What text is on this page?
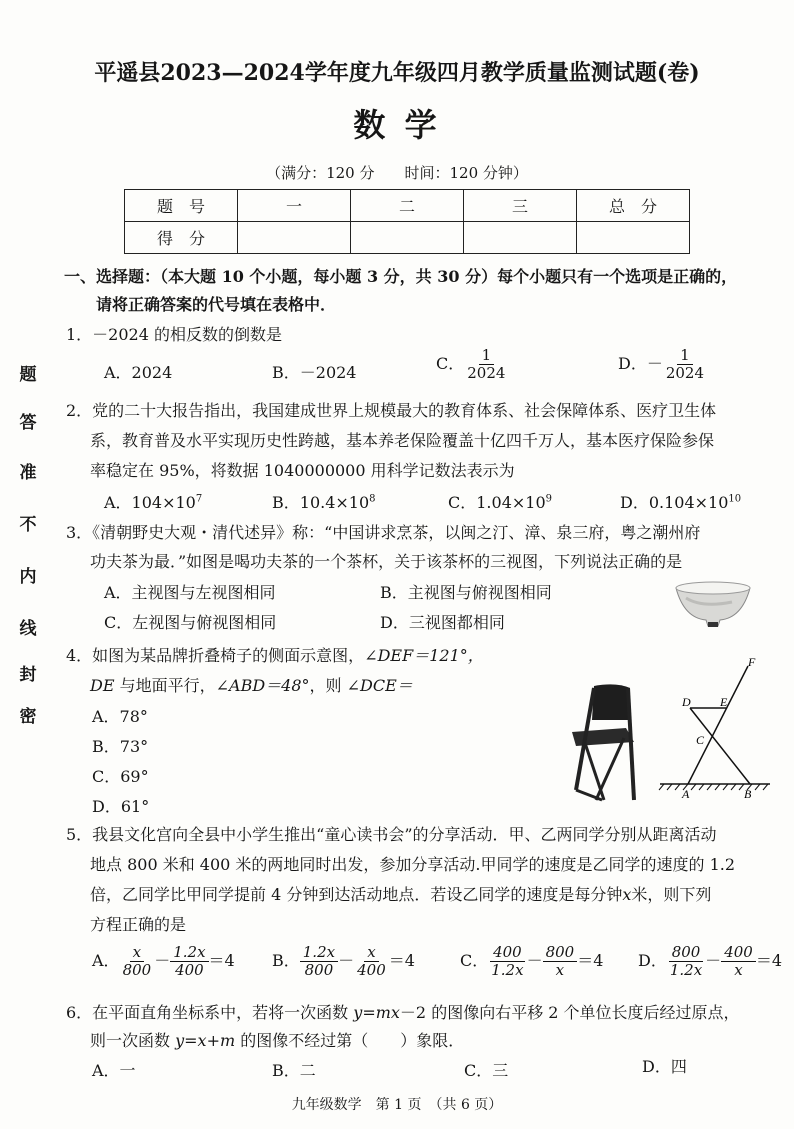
题
答
准
不
内
线
封
密
平遥县2023—2024学年度九年级四月教学质量监测试题(卷)
数 学
（满分：120 分　　时间：120 分钟）
题　号	一	二	三	总　分
得　分				
一、选择题：（本大题 10 个小题，每小题 3 分，共 30 分）每个小题只有一个选项是正确的，
请将正确答案的代号填在表格中．
1．－2024 的相反数的倒数是
A．2024	B．－2024	C． $\frac{1}{2024}$	D．－ $\frac{1}{2024}$
2．党的二十大报告指出，我国建成世界上规模最大的教育体系、社会保障体系、医疗卫生体
系，教育普及水平实现历史性跨越，基本养老保险覆盖十亿四千万人，基本医疗保险参保
率稳定在 95%，将数据 1040000000 用科学记数法表示为
A．$104\times 10^7$	B．$10.4\times 10^8$	C．$1.04\times 10^9$	D．$0.104\times 10^{10}$
3．《清朝野史大观・清代述异》称：“中国讲求烹茶，以闽之汀、漳、泉三府，粤之潮州府
功夫茶为最．”如图是喝功夫茶的一个茶杯，关于该茶杯的三视图，下列说法正确的是
A．主视图与左视图相同	B．主视图与俯视图相同
C．左视图与俯视图相同	D．三视图都相同
4．如图为某品牌折叠椅子的侧面示意图，∠DEF＝121°，
DE 与地面平行，∠ABD＝48°，则 ∠DCE＝
A．78°
B．73°
C．69°
D．61°
F
D E
C
A	B
5．我县文化宫向全县中小学生推出“童心读书会”的分享活动．甲、乙两同学分别从距离活动
地点 800 米和 400 米的两地同时出发，参加分享活动.甲同学的速度是乙同学的速度的 1.2
倍，乙同学比甲同学提前 4 分钟到达活动地点．若设乙同学的速度是每分钟x米，则下列
方程正确的是
A． $\frac{x}{800} - \frac{1.2x}{400} =4$ B． $\frac{1.2x}{800} - \frac{x}{400} =4$	C． $\frac{400}{1.2x} - \frac{800}{x} =4$ D． $\frac{800}{1.2x} - \frac{400}{x} =4$
6．在平面直角坐标系中，若将一次函数 y=mx－2 的图像向右平移 2 个单位长度后经过原点，
则一次函数 y=x+m 的图像不经过第（　　）象限．
A．一	B．二	C．三	D．四
九年级数学　第 1 页　（共 6 页）
